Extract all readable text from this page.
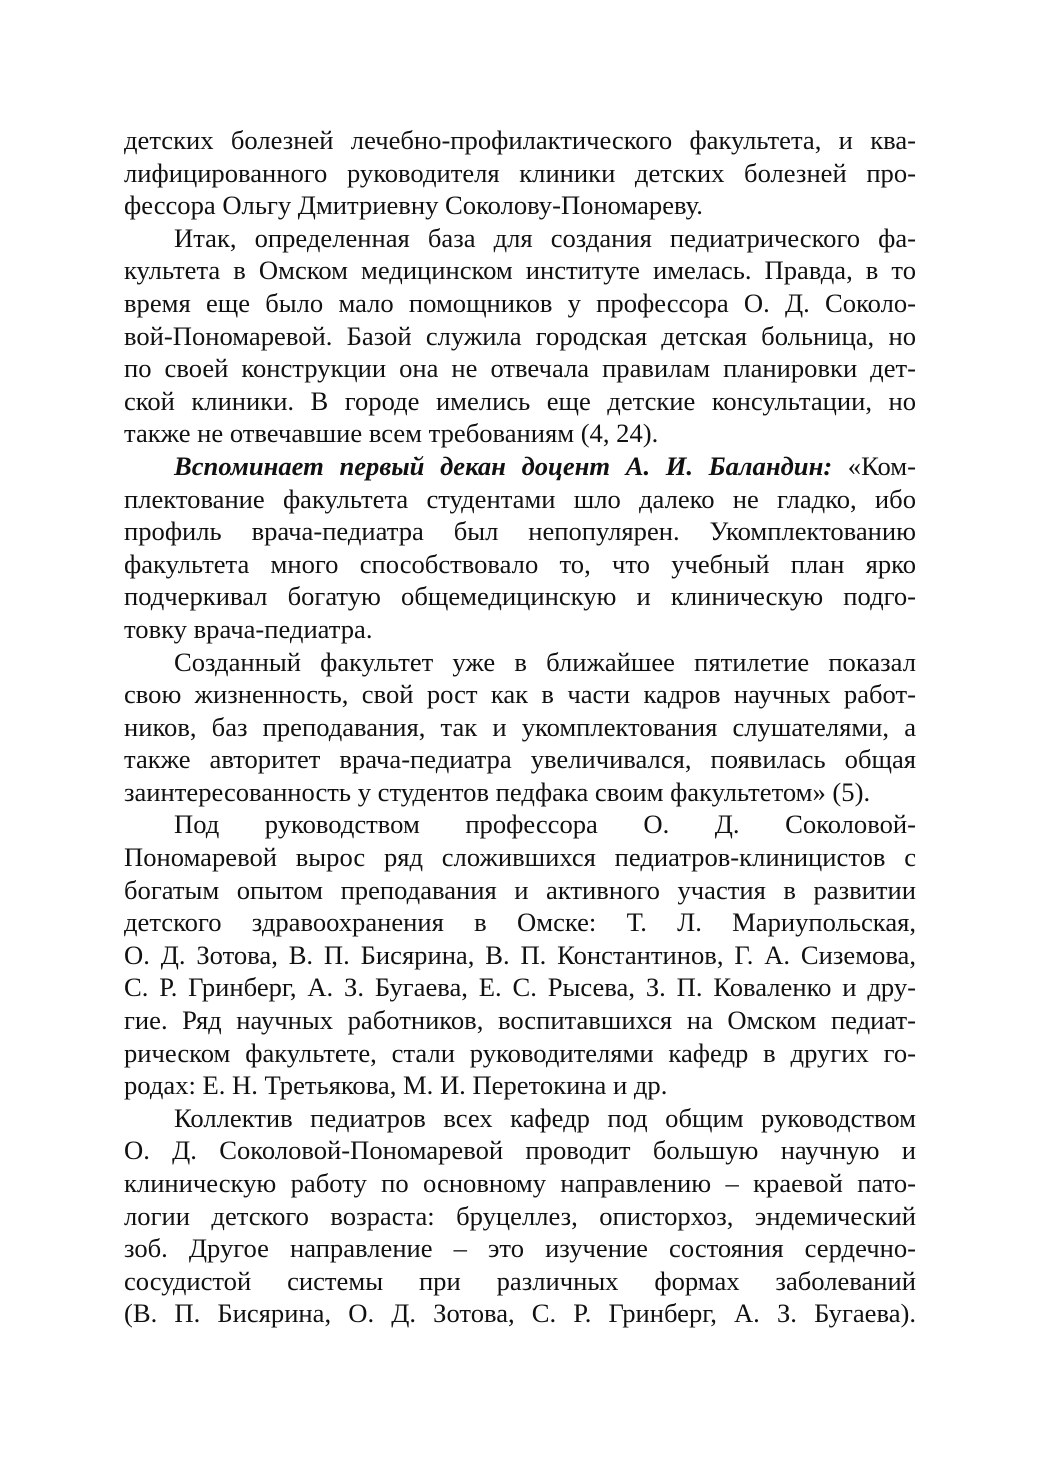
детских болезней лечебно-профилактического факультета, и ква-
лифицированного руководителя клиники детских болезней про-
фессора Ольгу Дмитриевну Соколову-Пономареву.

Итак, определенная база для создания педиатрического фа-
культета в Омском медицинском институте имелась. Правда, в то
время еще было мало помощников у профессора О. Д. Соколо-
вой-Пономаревой. Базой служила городская детская больница, но
по своей конструкции она не отвечала правилам планировки дет-
ской клиники. В городе имелись еще детские консультации, но
также не отвечавшие всем требованиям (4, 24).

Вспоминает первый декан доцент А. И. Баландин: «Ком-
плектование факультета студентами шло далеко не гладко, ибо
профиль врача-педиатра был непопулярен. Укомплектованию
факультета много способствовало то, что учебный план ярко
подчеркивал богатую общемедицинскую и клиническую подго-
товку врача-педиатра.

Созданный факультет уже в ближайшее пятилетие показал
свою жизненность, свой рост как в части кадров научных работ-
ников, баз преподавания, так и укомплектования слушателями, а
также авторитет врача-педиатра увеличивался, появилась общая
заинтересованность у студентов педфака своим факультетом» (5).

Под руководством профессора О. Д. Соколовой-
Пономаревой вырос ряд сложившихся педиатров-клиницистов с
богатым опытом преподавания и активного участия в развитии
детского здравоохранения в Омске: Т. Л. Мариупольская,
О. Д. Зотова, В. П. Бисярина, В. П. Константинов, Г. А. Сиземова,
С. Р. Гринберг, А. З. Бугаева, Е. С. Рысева, З. П. Коваленко и дру-
гие. Ряд научных работников, воспитавшихся на Омском педиат-
рическом факультете, стали руководителями кафедр в других го-
родах: Е. Н. Третьякова, М. И. Перетокина и др.

Коллектив педиатров всех кафедр под общим руководством
О. Д. Соколовой-Пономаревой проводит большую научную и
клиническую работу по основному направлению – краевой пато-
логии детского возраста: бруцеллез, описторхоз, эндемический
зоб. Другое направление – это изучение состояния сердечно-
сосудистой системы при различных формах заболеваний
(В. П. Бисярина, О. Д. Зотова, С. Р. Гринберг, А. З. Бугаева).
